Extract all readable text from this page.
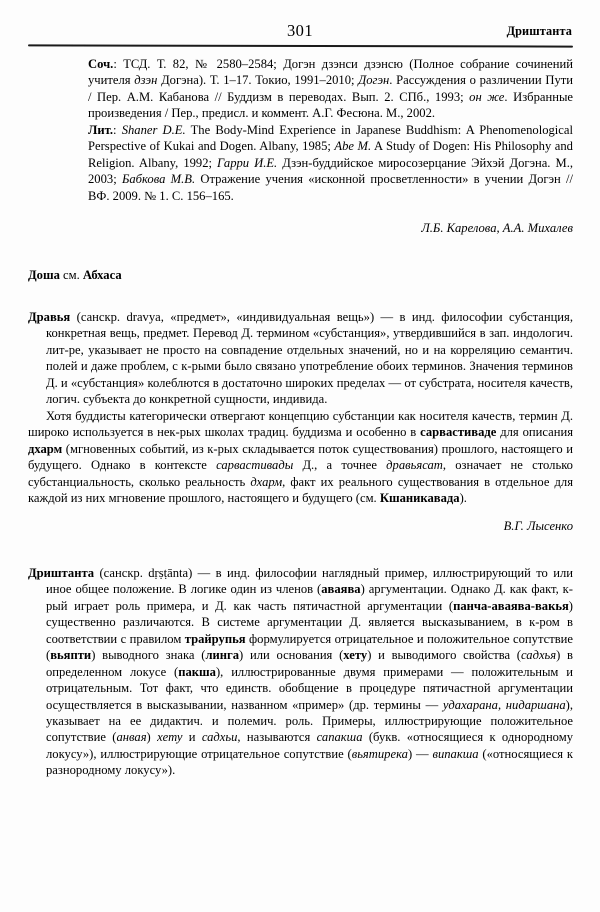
301	Дриштанта

Соч.: ТСД. Т. 82, № 2580–2584; Догэн дзэнси дзэнсю (Полное собрание сочинений учителя дзэн Догэна). Т. 1–17. Токио, 1991–2010; Догэн. Рассуждения о различении Пути / Пер. А.М. Кабанова // Буддизм в переводах. Вып. 2. СПб., 1993; он же. Избранные произведения / Пер., предисл. и коммент. А.Г. Фесюна. М., 2002.

Лит.: Shaner D.E. The Body-Mind Experience in Japanese Buddhism: A Phenomenological Perspective of Kukai and Dogen. Albany, 1985; Abe M. A Study of Dogen: His Philosophy and Religion. Albany, 1992; Гарри И.Е. Дзэн-буддийское миросозерцание Эйхэй Догэна. М., 2003; Бабкова М.В. Отражение учения «исконной просветленности» в учении Догэн // ВФ. 2009. № 1. С. 156–165.

Л.Б. Карелова, А.А. Михалев

Доша см. Абхаса

Дравья (санскр. dravya, «предмет», «индивидуальная вещь») — в инд. философии субстанция, конкретная вещь, предмет. Перевод Д. термином «субстанция», утвердившийся в зап. индологич. лит-ре, указывает не просто на совпадение отдельных значений, но и на корреляцию семантич. полей и даже проблем, с к-рыми было связано употребление обоих терминов. Значения терминов Д. и «субстанция» колеблются в достаточно широких пределах — от субстрата, носителя качеств, логич. субъекта до конкретной сущности, индивида.

Хотя буддисты категорически отвергают концепцию субстанции как носителя качеств, термин Д. широко используется в нек-рых школах традиц. буддизма и особенно в сарвастиваде для описания дхарм (мгновенных событий, из к-рых складывается поток существования) прошлого, настоящего и будущего. Однако в контексте сарвастивады Д., а точнее дравьясат, означает не столько субстанциальность, сколько реальность дхарм, факт их реального существования в отдельное для каждой из них мгновение прошлого, настоящего и будущего (см. Кшаникавада).

В.Г. Лысенко

Дриштанта (санскр. dṛṣṭānta) — в инд. философии наглядный пример, иллюстрирующий то или иное общее положение. В логике один из членов (аваява) аргументации. Однако Д. как факт, к-рый играет роль примера, и Д. как часть пятичастной аргументации (панча-аваява-вакья) существенно различаются. В системе аргументации Д. является высказыванием, в к-ром в соответствии с правилом трайрупья формулируется отрицательное и положительное сопутствие (вьяпти) выводного знака (линга) или основания (хету) и выводимого свойства (садхья) в определенном локусе (пакша), иллюстрированные двумя примерами — положительным и отрицательным. Тот факт, что единств. обобщение в процедуре пятичастной аргументации осуществляется в высказывании, названном «пример» (др. термины — удахарана, нидаршана), указывает на ее дидактич. и полемич. роль. Примеры, иллюстрирующие положительное сопутствие (анвая) хету и садхьи, называются сапакша (букв. «относящиеся к однородному локусу»), иллюстрирующие отрицательное сопутствие (вьятирека) — випакша («относящиеся к разнородному локусу»).
